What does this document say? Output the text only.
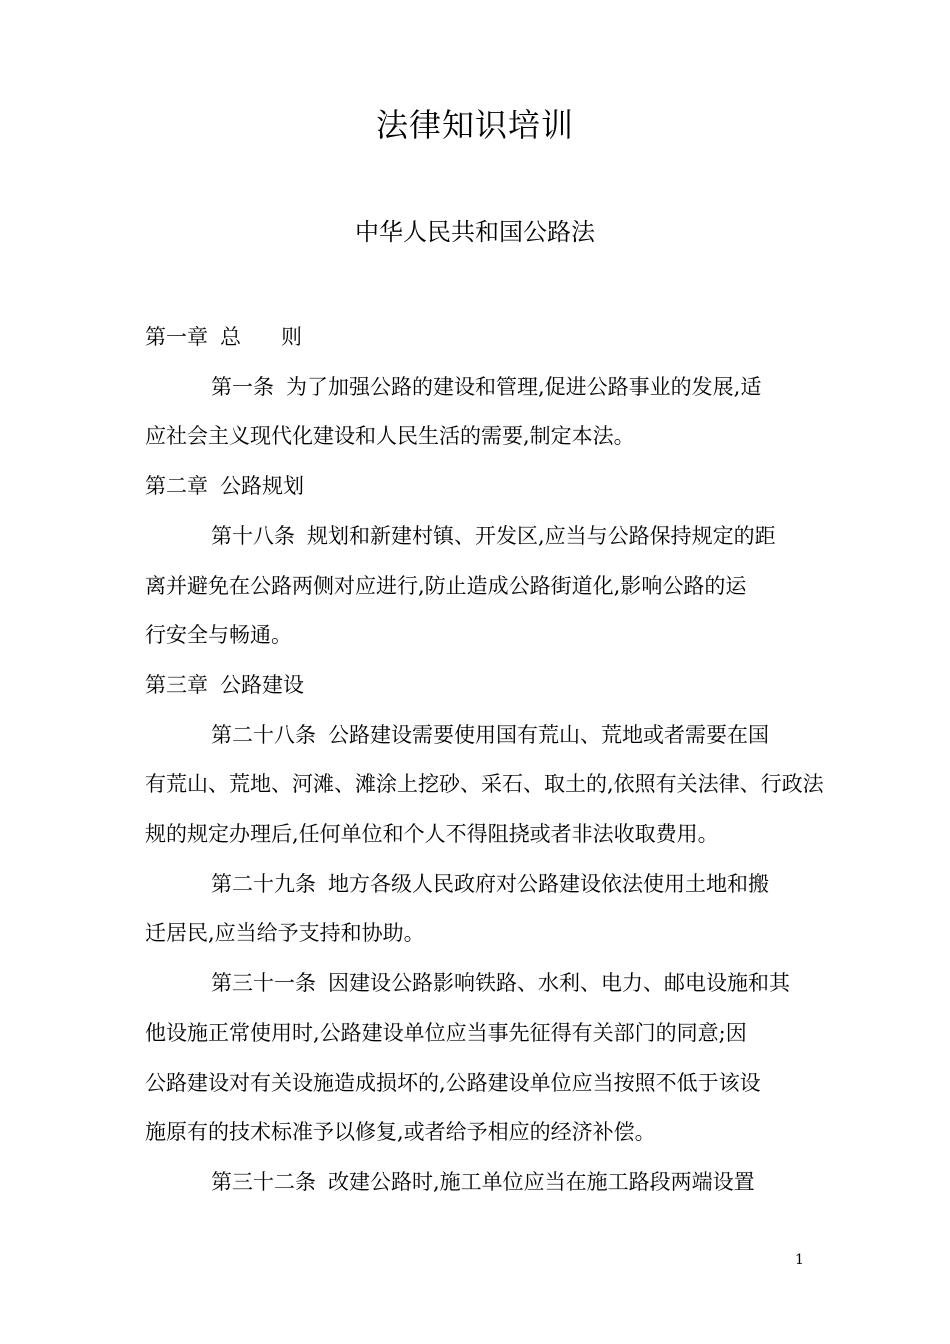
法律知识培训
中华人民共和国公路法

第一章 总 则

第一条 为了加强公路的建设和管理,促进公路事业的发展,适

应社会主义现代化建设和人民生活的需要,制定本法。

第二章 公路规划

第十八条 规划和新建村镇、开发区,应当与公路保持规定的距

离并避免在公路两侧对应进行,防止造成公路街道化,影响公路的运

行安全与畅通。

第三章 公路建设

第二十八条 公路建设需要使用国有荒山、荒地或者需要在国

有荒山、荒地、河滩、滩涂上挖砂、采石、取土的,依照有关法律、行政法

规的规定办理后,任何单位和个人不得阻挠或者非法收取费用。

第二十九条 地方各级人民政府对公路建设依法使用土地和搬

迁居民,应当给予支持和协助。

第三十一条 因建设公路影响铁路、水利、电力、邮电设施和其

他设施正常使用时,公路建设单位应当事先征得有关部门的同意;因

公路建设对有关设施造成损坏的,公路建设单位应当按照不低于该设

施原有的技术标准予以修复,或者给予相应的经济补偿。

第三十二条 改建公路时,施工单位应当在施工路段两端设置

1
